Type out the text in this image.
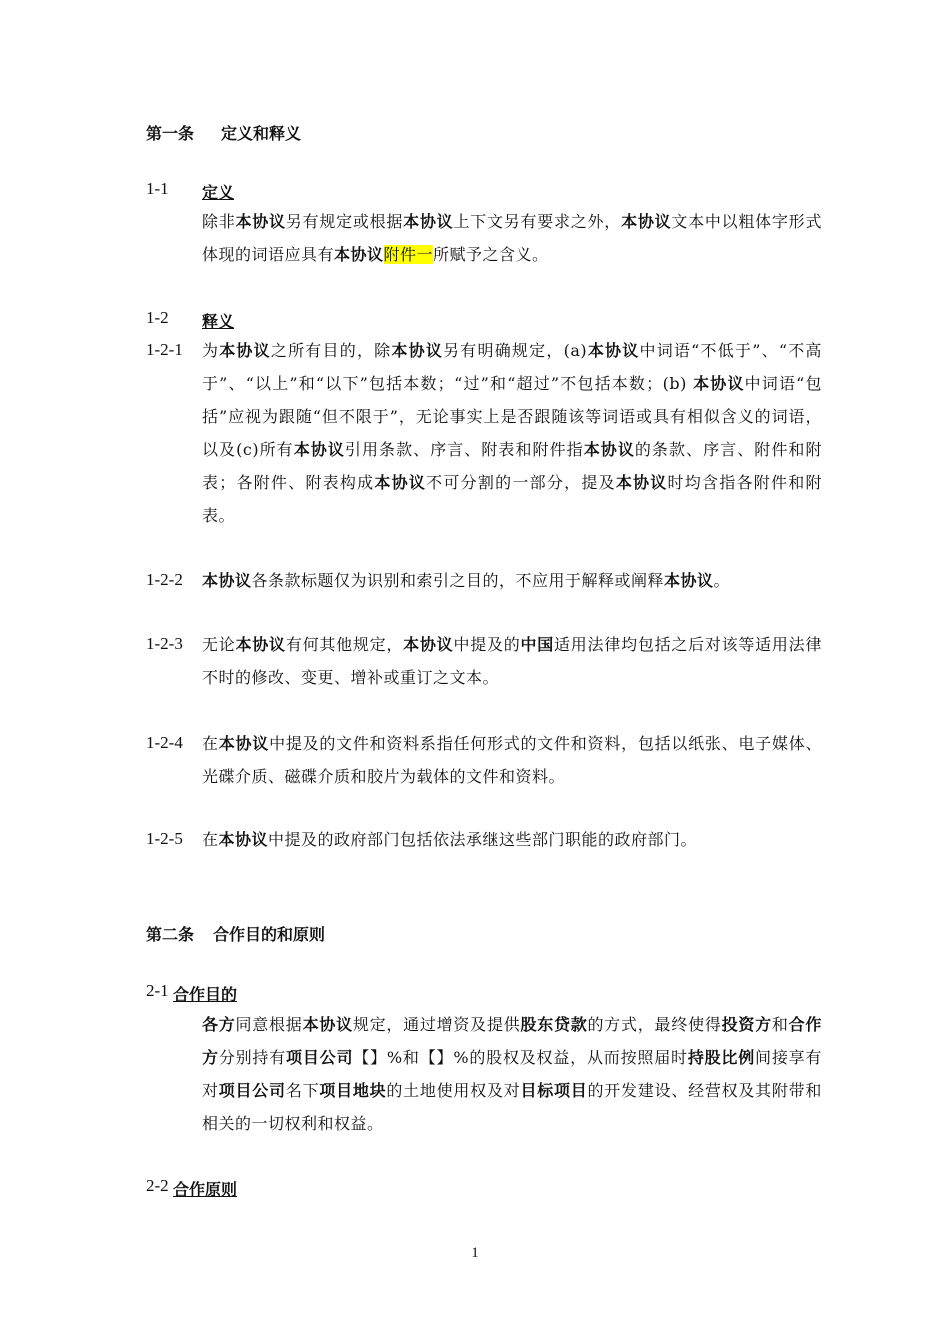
第一条 定义和释义
1-1 定义
除非本协议另有规定或根据本协议上下文另有要求之外，本协议文本中以粗体字形式体现的词语应具有本协议附件一所赋予之含义。
1-2 释义
1-2-1 为本协议之所有目的，除本协议另有明确规定，(a)本协议中词语“不低于”、“不高于”、“以上”和“以下”包括本数；“过”和“超过”不包括本数；(b) 本协议中词语“包括”应视为跟随“但不限于”，无论事实上是否跟随该等词语或具有相似含义的词语，以及(c)所有本协议引用条款、序言、附表和附件指本协议的条款、序言、附件和附表；各附件、附表构成本协议不可分割的一部分，提及本协议时均含指各附件和附表。
1-2-2 本协议各条款标题仅为识别和索引之目的，不应用于解释或阐释本协议。
1-2-3 无论本协议有何其他规定，本协议中提及的中国适用法律均包括之后对该等适用法律不时的修改、变更、增补或重订之文本。
1-2-4 在本协议中提及的文件和资料系指任何形式的文件和资料，包括以纸张、电子媒体、光碟介质、磁碟介质和胶片为载体的文件和资料。
1-2-5 在本协议中提及的政府部门包括依法承继这些部门职能的政府部门。
第二条 合作目的和原则
2-1 合作目的
各方同意根据本协议规定，通过增资及提供股东贷款的方式，最终使得投资方和合作方分别持有项目公司【】%和【】%的股权及权益，从而按照届时持股比例间接享有对项目公司名下项目地块的土地使用权及对目标项目的开发建设、经营权及其附带和相关的一切权利和权益。
2-2 合作原则
1
